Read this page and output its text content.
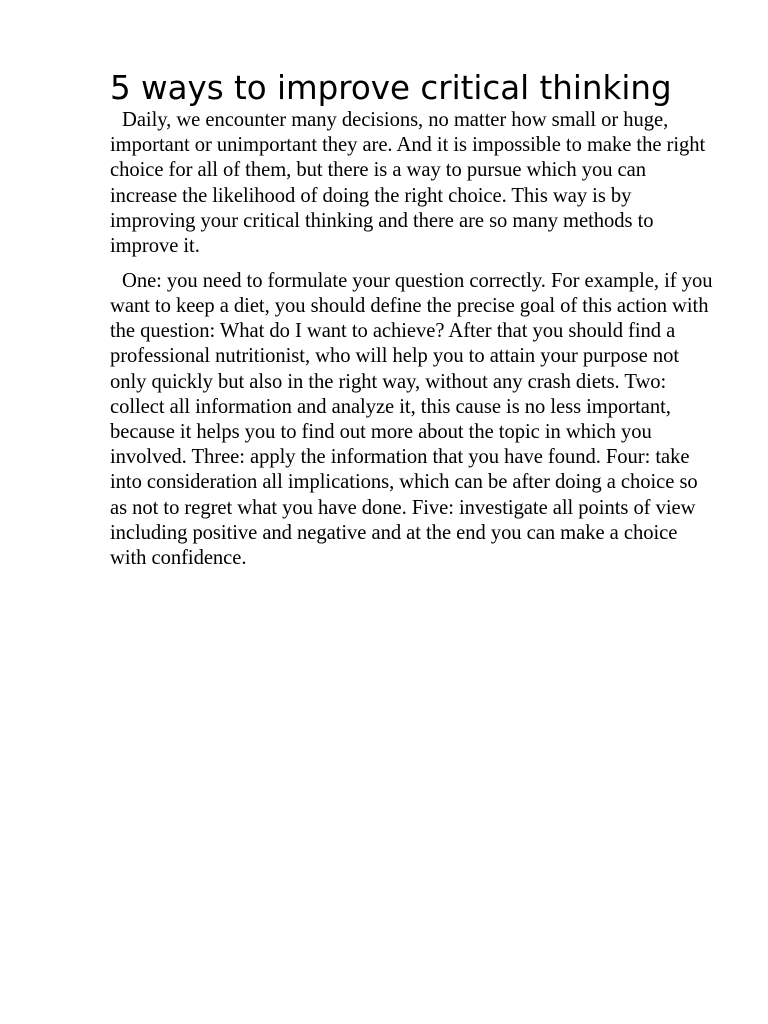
5 ways to improve critical thinking

Daily, we encounter many decisions, no matter how small or huge, important or unimportant they are. And it is impossible to make the right choice for all of them, but there is a way to pursue which you can increase the likelihood of doing the right choice. This way is by improving your critical thinking and there are so many methods to improve it.

One: you need to formulate your question correctly. For example, if you want to keep a diet, you should define the precise goal of this action with the question: What do I want to achieve? After that you should find a professional nutritionist, who will help you to attain your purpose not only quickly but also in the right way, without any crash diets. Two: collect all information and analyze it, this cause is no less important, because it helps you to find out more about the topic in which you involved. Three: apply the information that you have found. Four: take into consideration all implications, which can be after doing a choice so as not to regret what you have done. Five: investigate all points of view including positive and negative and at the end you can make a choice with confidence.
